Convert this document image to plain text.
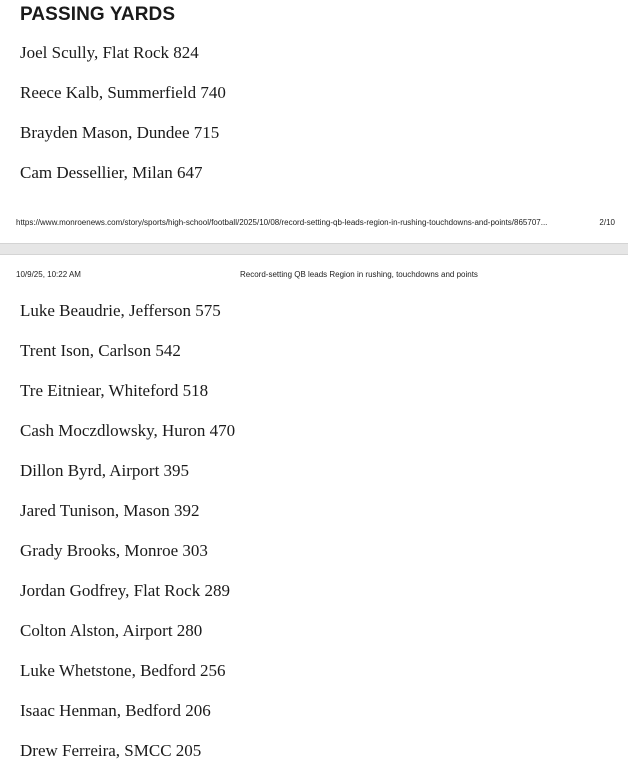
PASSING YARDS
Joel Scully, Flat Rock 824
Reece Kalb, Summerfield 740
Brayden Mason, Dundee 715
Cam Dessellier, Milan 647
https://www.monroenews.com/story/sports/high-school/football/2025/10/08/record-setting-qb-leads-region-in-rushing-touchdowns-and-points/865707...	2/10
10/9/25, 10:22 AM	Record-setting QB leads Region in rushing, touchdowns and points
Luke Beaudrie, Jefferson 575
Trent Ison, Carlson 542
Tre Eitniear, Whiteford 518
Cash Moczdlowsky, Huron 470
Dillon Byrd, Airport 395
Jared Tunison, Mason 392
Grady Brooks, Monroe 303
Jordan Godfrey, Flat Rock 289
Colton Alston, Airport 280
Luke Whetstone, Bedford 256
Isaac Henman, Bedford 206
Drew Ferreira, SMCC 205
